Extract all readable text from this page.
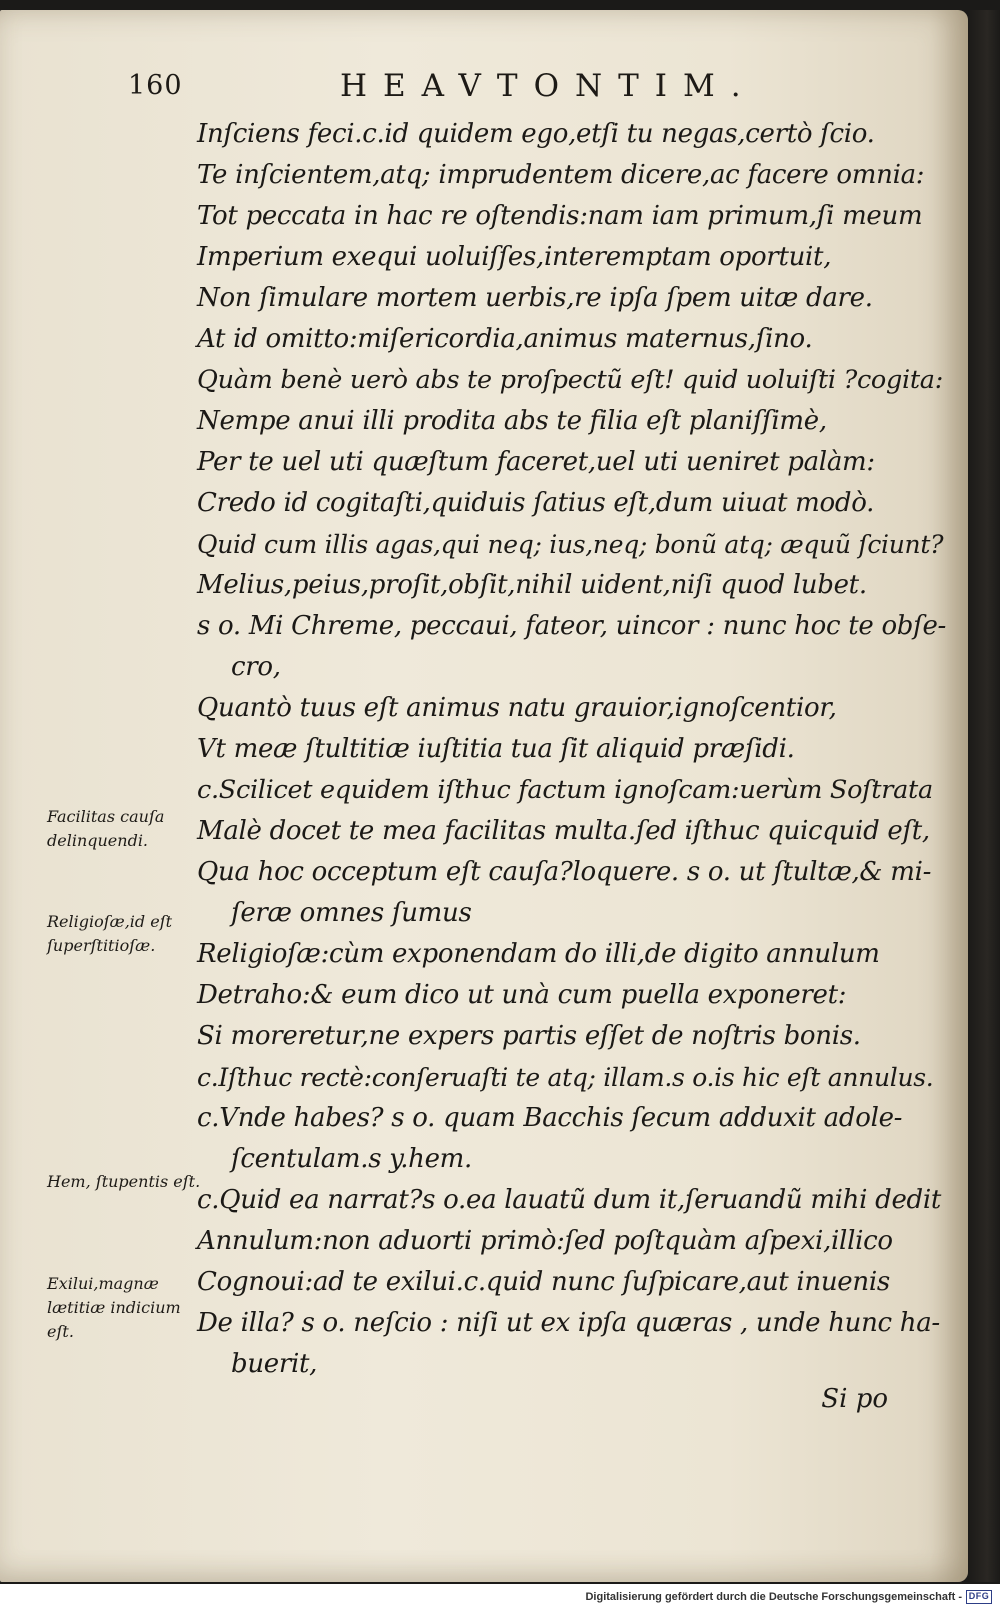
160	HEAVTONTIM.
Facilitas cauſa delinquendi.
Religioſæ,id eſt ſuperſtitioſæ.
Hem, ſtupentis eſt.
Exilui,magnæ lætitiæ indicium eſt.
Inſciens feci.c.id quidem ego,etſi tu negas,certò ſcio.
Te inſcientem,atq; imprudentem dicere,ac facere omnia:
Tot peccata in hac re oſtendis:nam iam primum,ſi meum
Imperium exequi uoluiſſes,interemptam oportuit,
Non ſimulare mortem uerbis,re ipſa ſpem uitæ dare.
At id omitto:miſericordia,animus maternus,ſino.
Quàm benè uerò abs te proſpectũ eſt! quid uoluiſti ?cogita:
Nempe anui illi prodita abs te filia eſt planiſſimè,
Per te uel uti quæſtum faceret,uel uti ueniret palàm:
Credo id cogitaſti,quiduis ſatius eſt,dum uiuat modò.
Quid cum illis agas,qui neq; ius,neq; bonũ atq; æquũ ſciunt?
Melius,peius,proſit,obſit,nihil uident,niſi quod lubet.
s o. Mi Chreme, peccaui, fateor, uincor : nunc hoc te obſe-
cro,
Quantò tuus eſt animus natu grauior,ignoſcentior,
Vt meæ ſtultitiæ iuſtitia tua ſit aliquid præſidi.
c.Scilicet equidem iſthuc factum ignoſcam:uerùm Soſtrata
Malè docet te mea facilitas multa.ſed iſthuc quicquid eſt,
Qua hoc occeptum eſt cauſa?loquere. s o. ut ſtultæ,& mi-
ſeræ omnes ſumus
Religioſæ:cùm exponendam do illi,de digito annulum
Detraho:& eum dico ut unà cum puella exponeret:
Si moreretur,ne expers partis eſſet de noſtris bonis.
c.Iſthuc rectè:conſeruaſti te atq; illam.s o.is hic eſt annulus.
c.Vnde habes? s o. quam Bacchis ſecum adduxit adole-
ſcentulam.s y.hem.
c.Quid ea narrat?s o.ea lauatũ dum it,ſeruandũ mihi dedit
Annulum:non aduorti primò:ſed poſtquàm aſpexi,illico
Cognoui:ad te exilui.c.quid nunc ſuſpicare,aut inuenis
De illa? s o. neſcio : niſi ut ex ipſa quæras , unde hunc ha-
buerit,
Si po
Digitalisierung gefördert durch die Deutsche Forschungsgemeinschaft - DFG
